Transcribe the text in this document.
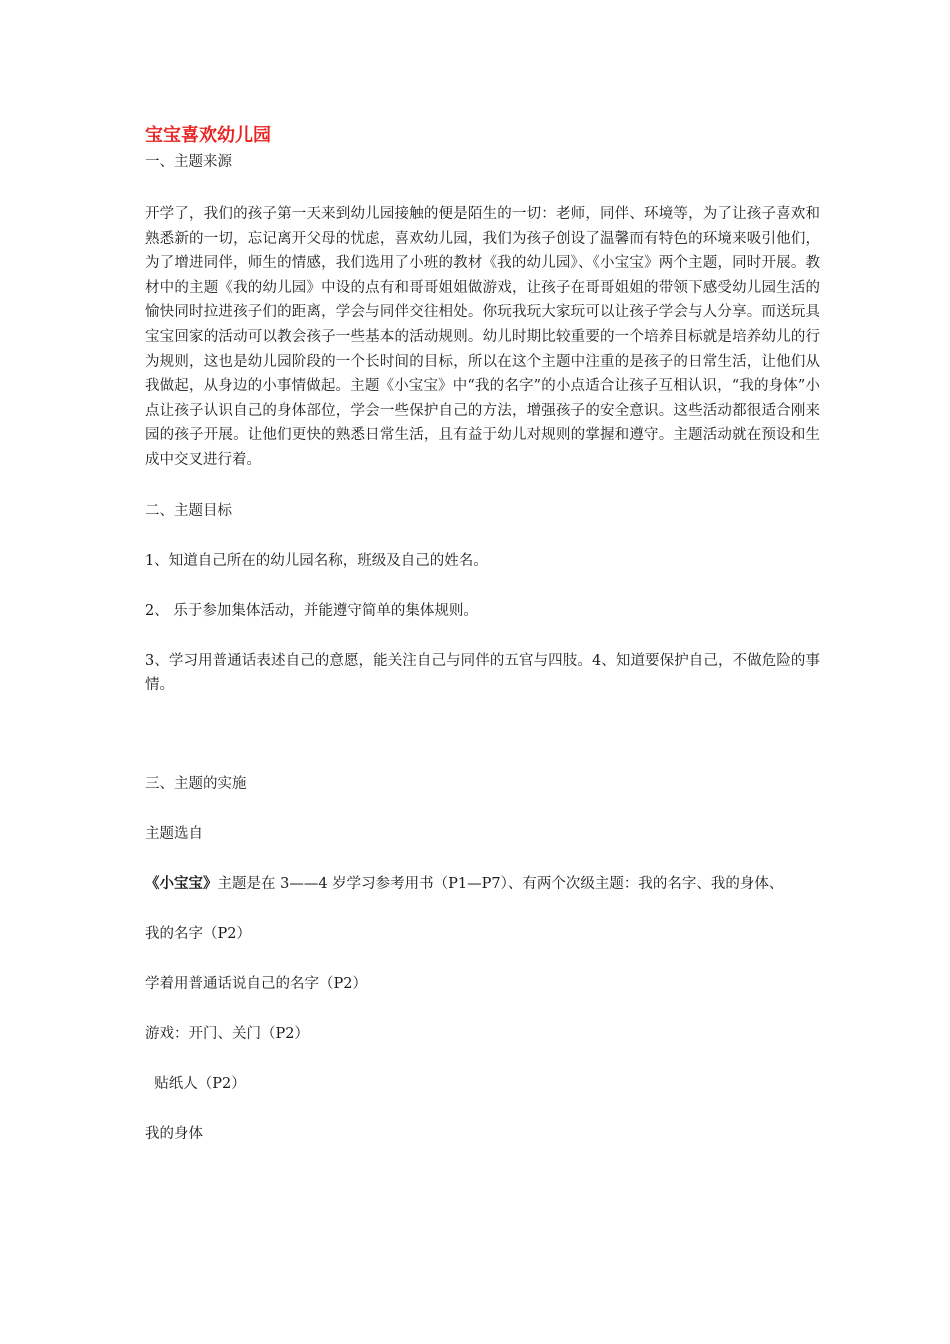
宝宝喜欢幼儿园

一、主题来源

开学了，我们的孩子第一天来到幼儿园接触的便是陌生的一切：老师，同伴、环境等，为了让孩子喜欢和熟悉新的一切，忘记离开父母的忧虑，喜欢幼儿园，我们为孩子创设了温馨而有特色的环境来吸引他们，为了增进同伴，师生的情感，我们选用了小班的教材《我的幼儿园》、《小宝宝》两个主题，同时开展。教材中的主题《我的幼儿园》中设的点有和哥哥姐姐做游戏，让孩子在哥哥姐姐的带领下感受幼儿园生活的愉快同时拉进孩子们的距离，学会与同伴交往相处。你玩我玩大家玩可以让孩子学会与人分享。而送玩具宝宝回家的活动可以教会孩子一些基本的活动规则。幼儿时期比较重要的一个培养目标就是培养幼儿的行为规则，这也是幼儿园阶段的一个长时间的目标，所以在这个主题中注重的是孩子的日常生活，让他们从我做起，从身边的小事情做起。主题《小宝宝》中“我的名字”的小点适合让孩子互相认识，“我的身体”小点让孩子认识自己的身体部位，学会一些保护自己的方法，增强孩子的安全意识。这些活动都很适合刚来园的孩子开展。让他们更快的熟悉日常生活，且有益于幼儿对规则的掌握和遵守。主题活动就在预设和生成中交叉进行着。

二、主题目标

1、知道自己所在的幼儿园名称，班级及自己的姓名。

2、 乐于参加集体活动，并能遵守简单的集体规则。

3、学习用普通话表述自己的意愿，能关注自己与同伴的五官与四肢。4、知道要保护自己，不做危险的事情。

三、主题的实施

主题选自

《小宝宝》主题是在 3——4 岁学习参考用书（P1—P7）、有两个次级主题：我的名字、我的身体、

我的名字（P2）

学着用普通话说自己的名字（P2）

游戏：开门、关门（P2）

贴纸人（P2）

我的身体
